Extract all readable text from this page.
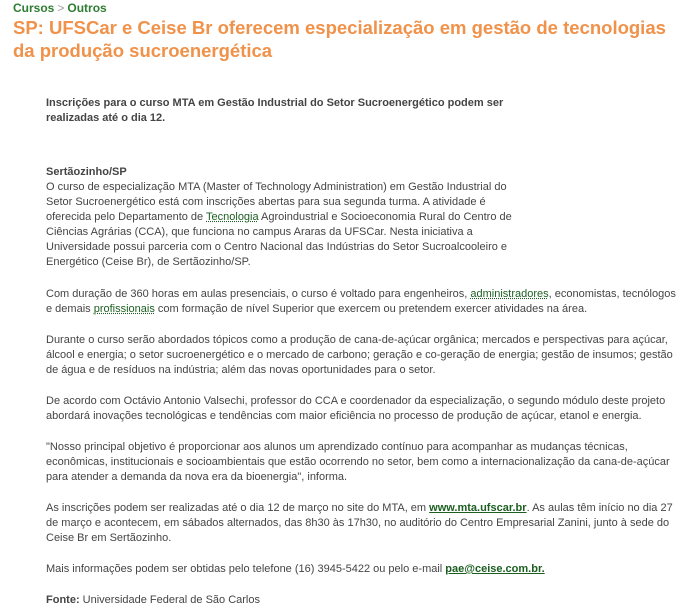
Cursos > Outros
SP: UFSCar e Ceise Br oferecem especialização em gestão de tecnologias da produção sucroenergética

Inscrições para o curso MTA em Gestão Industrial do Setor Sucroenergético podem ser realizadas até o dia 12.

Sertãozinho/SP
O curso de especialização MTA (Master of Technology Administration) em Gestão Industrial do Setor Sucroenergético está com inscrições abertas para sua segunda turma. A atividade é oferecida pelo Departamento de Tecnologia Agroindustrial e Socioeconomia Rural do Centro de Ciências Agrárias (CCA), que funciona no campus Araras da UFSCar. Nesta iniciativa a Universidade possui parceria com o Centro Nacional das Indústrias do Setor Sucroalcooleiro e Energético (Ceise Br), de Sertãozinho/SP.

Com duração de 360 horas em aulas presenciais, o curso é voltado para engenheiros, administradores, economistas, tecnólogos e demais profissionais com formação de nível Superior que exercem ou pretendem exercer atividades na área.

Durante o curso serão abordados tópicos como a produção de cana-de-açúcar orgânica; mercados e perspectivas para açúcar, álcool e energia; o setor sucroenergético e o mercado de carbono; geração e co-geração de energia; gestão de insumos; gestão de água e de resíduos na indústria; além das novas oportunidades para o setor.

De acordo com Octávio Antonio Valsechi, professor do CCA e coordenador da especialização, o segundo módulo deste projeto abordará inovações tecnológicas e tendências com maior eficiência no processo de produção de açúcar, etanol e energia.

"Nosso principal objetivo é proporcionar aos alunos um aprendizado contínuo para acompanhar as mudanças técnicas, econômicas, institucionais e socioambientais que estão ocorrendo no setor, bem como a internacionalização da cana-de-açúcar para atender a demanda da nova era da bioenergia", informa.

As inscrições podem ser realizadas até o dia 12 de março no site do MTA, em www.mta.ufscar.br. As aulas têm início no dia 27 de março e acontecem, em sábados alternados, das 8h30 às 17h30, no auditório do Centro Empresarial Zanini, junto à sede do Ceise Br em Sertãozinho.

Mais informações podem ser obtidas pelo telefone (16) 3945-5422 ou pelo e-mail pae@ceise.com.br.

Fonte: Universidade Federal de São Carlos
